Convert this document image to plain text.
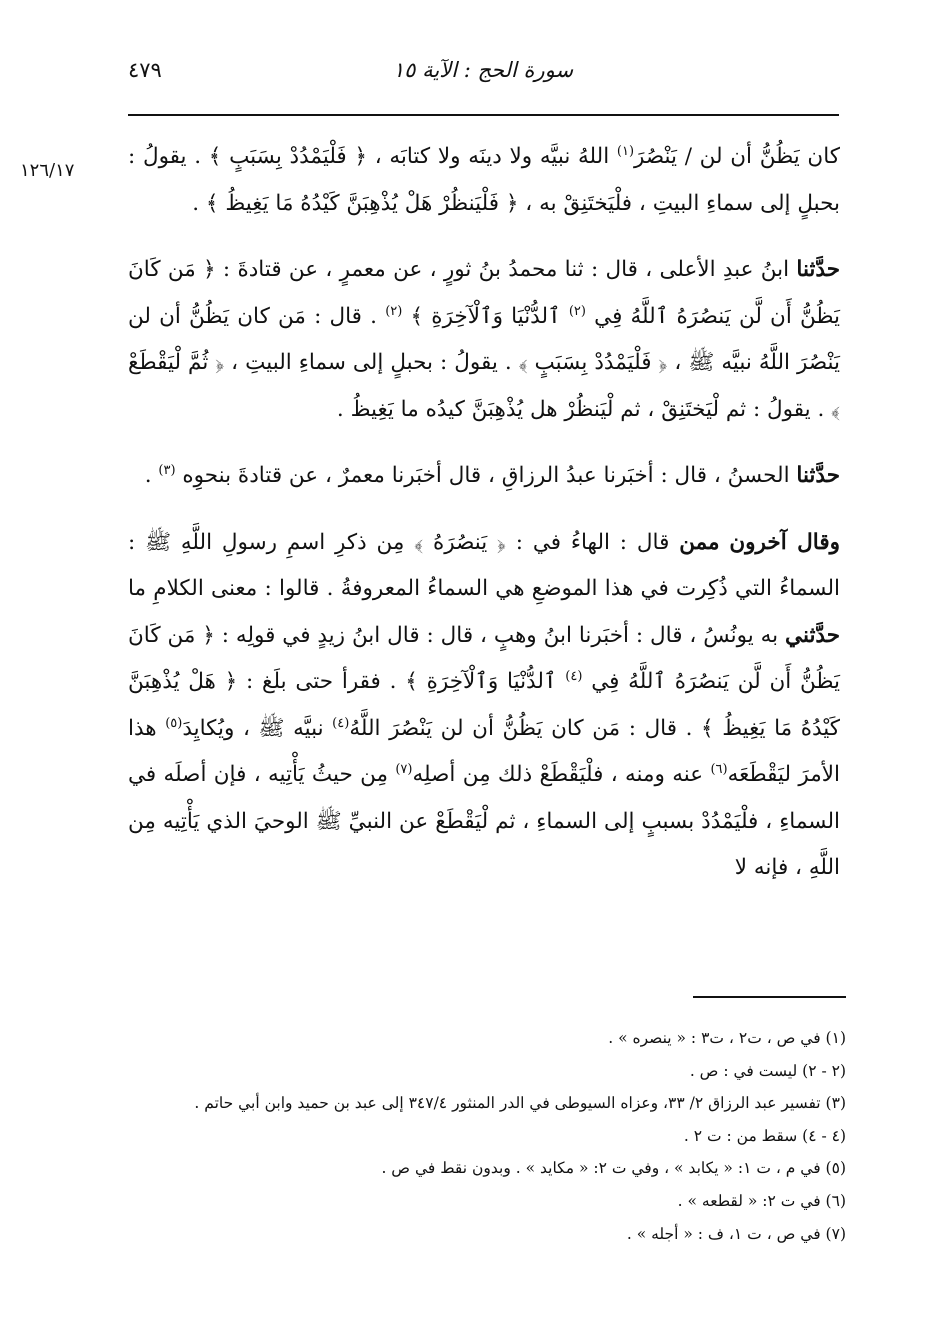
٤٧٩	سورة الحج : الآية ١٥
١٢٦/١٧

كان يَظُنُّ أن لن / يَنْصُرَ$^{(١)}$ اللهُ نبيَّه ولا دينَه ولا كتابَه ، ﴿ فَلْيَمْدُدْ بِسَبَبٍ ﴾ . يقولُ : بحبلٍ إلى سماءِ البيتِ ، فلْيَختَنِقْ به ، ﴿ فَلْيَنظُرْ هَلْ يُذْهِبَنَّ كَيْدُهُ مَا يَغِيظُ ﴾ .

حدَّثنا ابنُ عبدِ الأعلى ، قال : ثنا محمدُ بنُ ثورٍ ، عن معمرٍ ، عن قتادةَ : ﴿ مَن كَانَ يَظُنُّ أَن لَّن يَنصُرَهُ ٱللَّهُ فِي $^{(٢)}$ ٱلدُّنْيَا وَٱلْآخِرَةِ ﴾ $^{(٢)}$ . قال : مَن كان يَظُنُّ أن لن يَنْصُرَ اللَّهُ نبيَّه ﷺ ، ﴿ فَلْيَمْدُدْ بِسَبَبٍ ﴾ . يقولُ : بحبلٍ إلى سماءِ البيتِ ، ﴿ ثُمَّ لْيَقْطَعْ ﴾ . يقولُ : ثم لْيَختَنِقْ ، ثم لْيَنظُرْ هل يُذْهِبَنَّ كيدُه ما يَغِيظُ .

حدَّثنا الحسنُ ، قال : أخبَرنا عبدُ الرزاقِ ، قال أخبَرنا معمرٌ ، عن قتادةَ بنحوِه $^{(٣)}$ .

وقال آخرون ممن قال : الهاءُ في : ﴿ يَنصُرَهُ ﴾ مِن ذكرِ اسمِ رسولِ اللَّهِ ﷺ : السماءُ التي ذُكِرت في هذا الموضعِ هي السماءُ المعروفةُ . قالوا : معنى الكلامِ ما حدَّثني به يونُسُ ، قال : أخبَرنا ابنُ وهبٍ ، قال : قال ابنُ زيدٍ في قولِه : ﴿ مَن كَانَ يَظُنُّ أَن لَّن يَنصُرَهُ ٱللَّهُ فِي $^{(٤)}$ ٱلدُّنْيَا وَٱلْآخِرَةِ ﴾ . فقرأ حتى بلَغ : ﴿ هَلْ يُذْهِبَنَّ كَيْدُهُ مَا يَغِيظُ ﴾ . قال : مَن كان يَظُنُّ أن لن يَنْصُرَ اللَّهُ$^{(٤)}$ نبيَّه ﷺ ، ويُكايِدَ$^{(٥)}$ هذا الأمرَ ليَقْطَعَه$^{(٦)}$ عنه ومنه ، فلْيَقْطَعْ ذلك مِن أصلِه$^{(٧)}$ مِن حيثُ يَأْتِيه ، فإن أصلَه في السماءِ ، فلْيَمْدُدْ بسببٍ إلى السماءِ ، ثم لْيَقْطَعْ عن النبيِّ ﷺ الوحيَ الذي يَأْتِيه مِن اللَّهِ ، فإنه لا

(١) في ص ، ت٢ ، ت٣ : « ينصره » .
(٢ - ٢) ليست في : ص .
(٣) تفسير عبد الرزاق ٢/ ٣٣، وعزاه السيوطى في الدر المنثور ٣٤٧/٤ إلى عبد بن حميد وابن أبي حاتم .
(٤ - ٤) سقط من : ت ٢ .
(٥) في م ، ت ١: « يكابد » ، وفي ت ٢: « مكايد » . وبدون نقط في ص .
(٦) في ت ٢: « لقطعه » .
(٧) في ص ، ت ١، ف : « أجله » .
